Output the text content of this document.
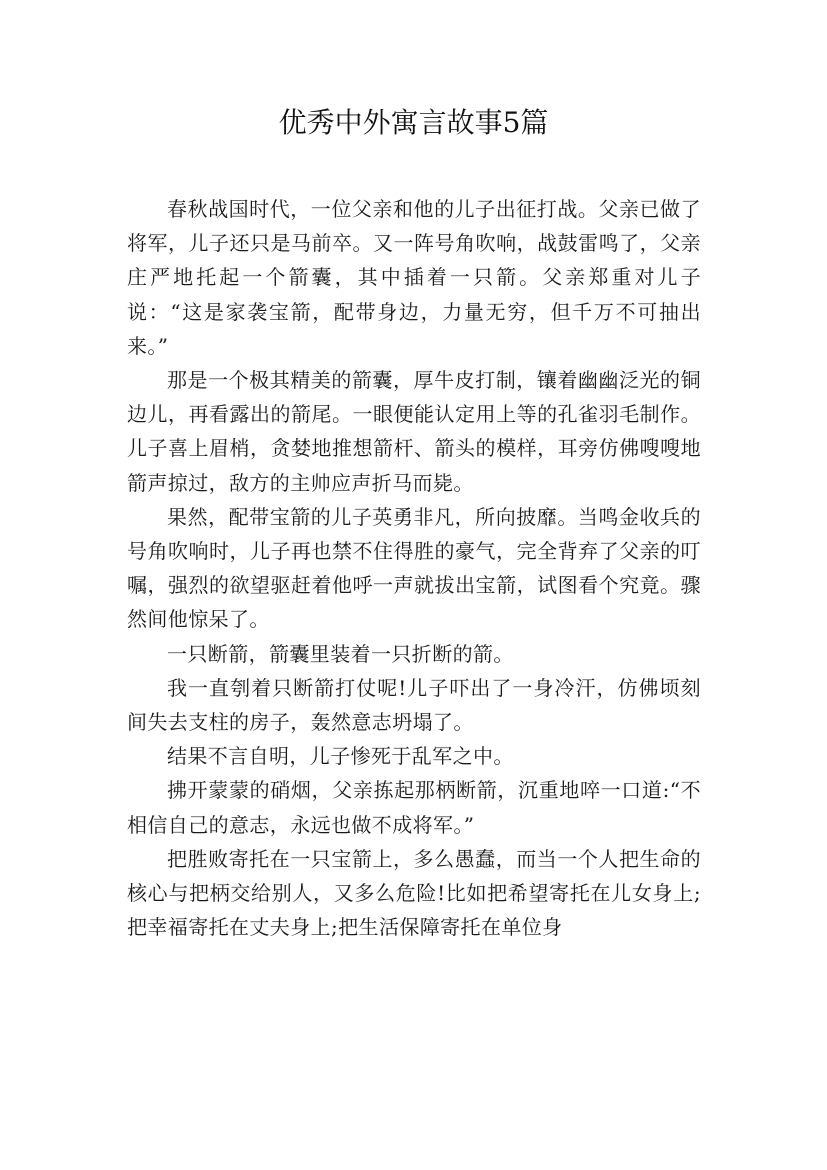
优秀中外寓言故事5篇

春秋战国时代，一位父亲和他的儿子出征打战。父亲已做了将军，儿子还只是马前卒。又一阵号角吹响，战鼓雷鸣了，父亲庄严地托起一个箭囊，其中插着一只箭。父亲郑重对儿子说：“这是家袭宝箭，配带身边，力量无穷，但千万不可抽出来。”

那是一个极其精美的箭囊，厚牛皮打制，镶着幽幽泛光的铜边儿，再看露出的箭尾。一眼便能认定用上等的孔雀羽毛制作。儿子喜上眉梢，贪婪地推想箭杆、箭头的模样，耳旁仿佛嗖嗖地箭声掠过，敌方的主帅应声折马而毙。

果然，配带宝箭的儿子英勇非凡，所向披靡。当鸣金收兵的号角吹响时，儿子再也禁不住得胜的豪气，完全背弃了父亲的叮嘱，强烈的欲望驱赶着他呼一声就拔出宝箭，试图看个究竟。骤然间他惊呆了。

一只断箭，箭囊里装着一只折断的箭。

我一直刳着只断箭打仗呢!儿子吓出了一身冷汗，仿佛顷刻间失去支柱的房子，轰然意志坍塌了。

结果不言自明，儿子惨死于乱军之中。

拂开蒙蒙的硝烟，父亲拣起那柄断箭，沉重地啐一口道:“不相信自己的意志，永远也做不成将军。”

把胜败寄托在一只宝箭上，多么愚蠢，而当一个人把生命的核心与把柄交给别人，又多么危险!比如把希望寄托在儿女身上;把幸福寄托在丈夫身上;把生活保障寄托在单位身
